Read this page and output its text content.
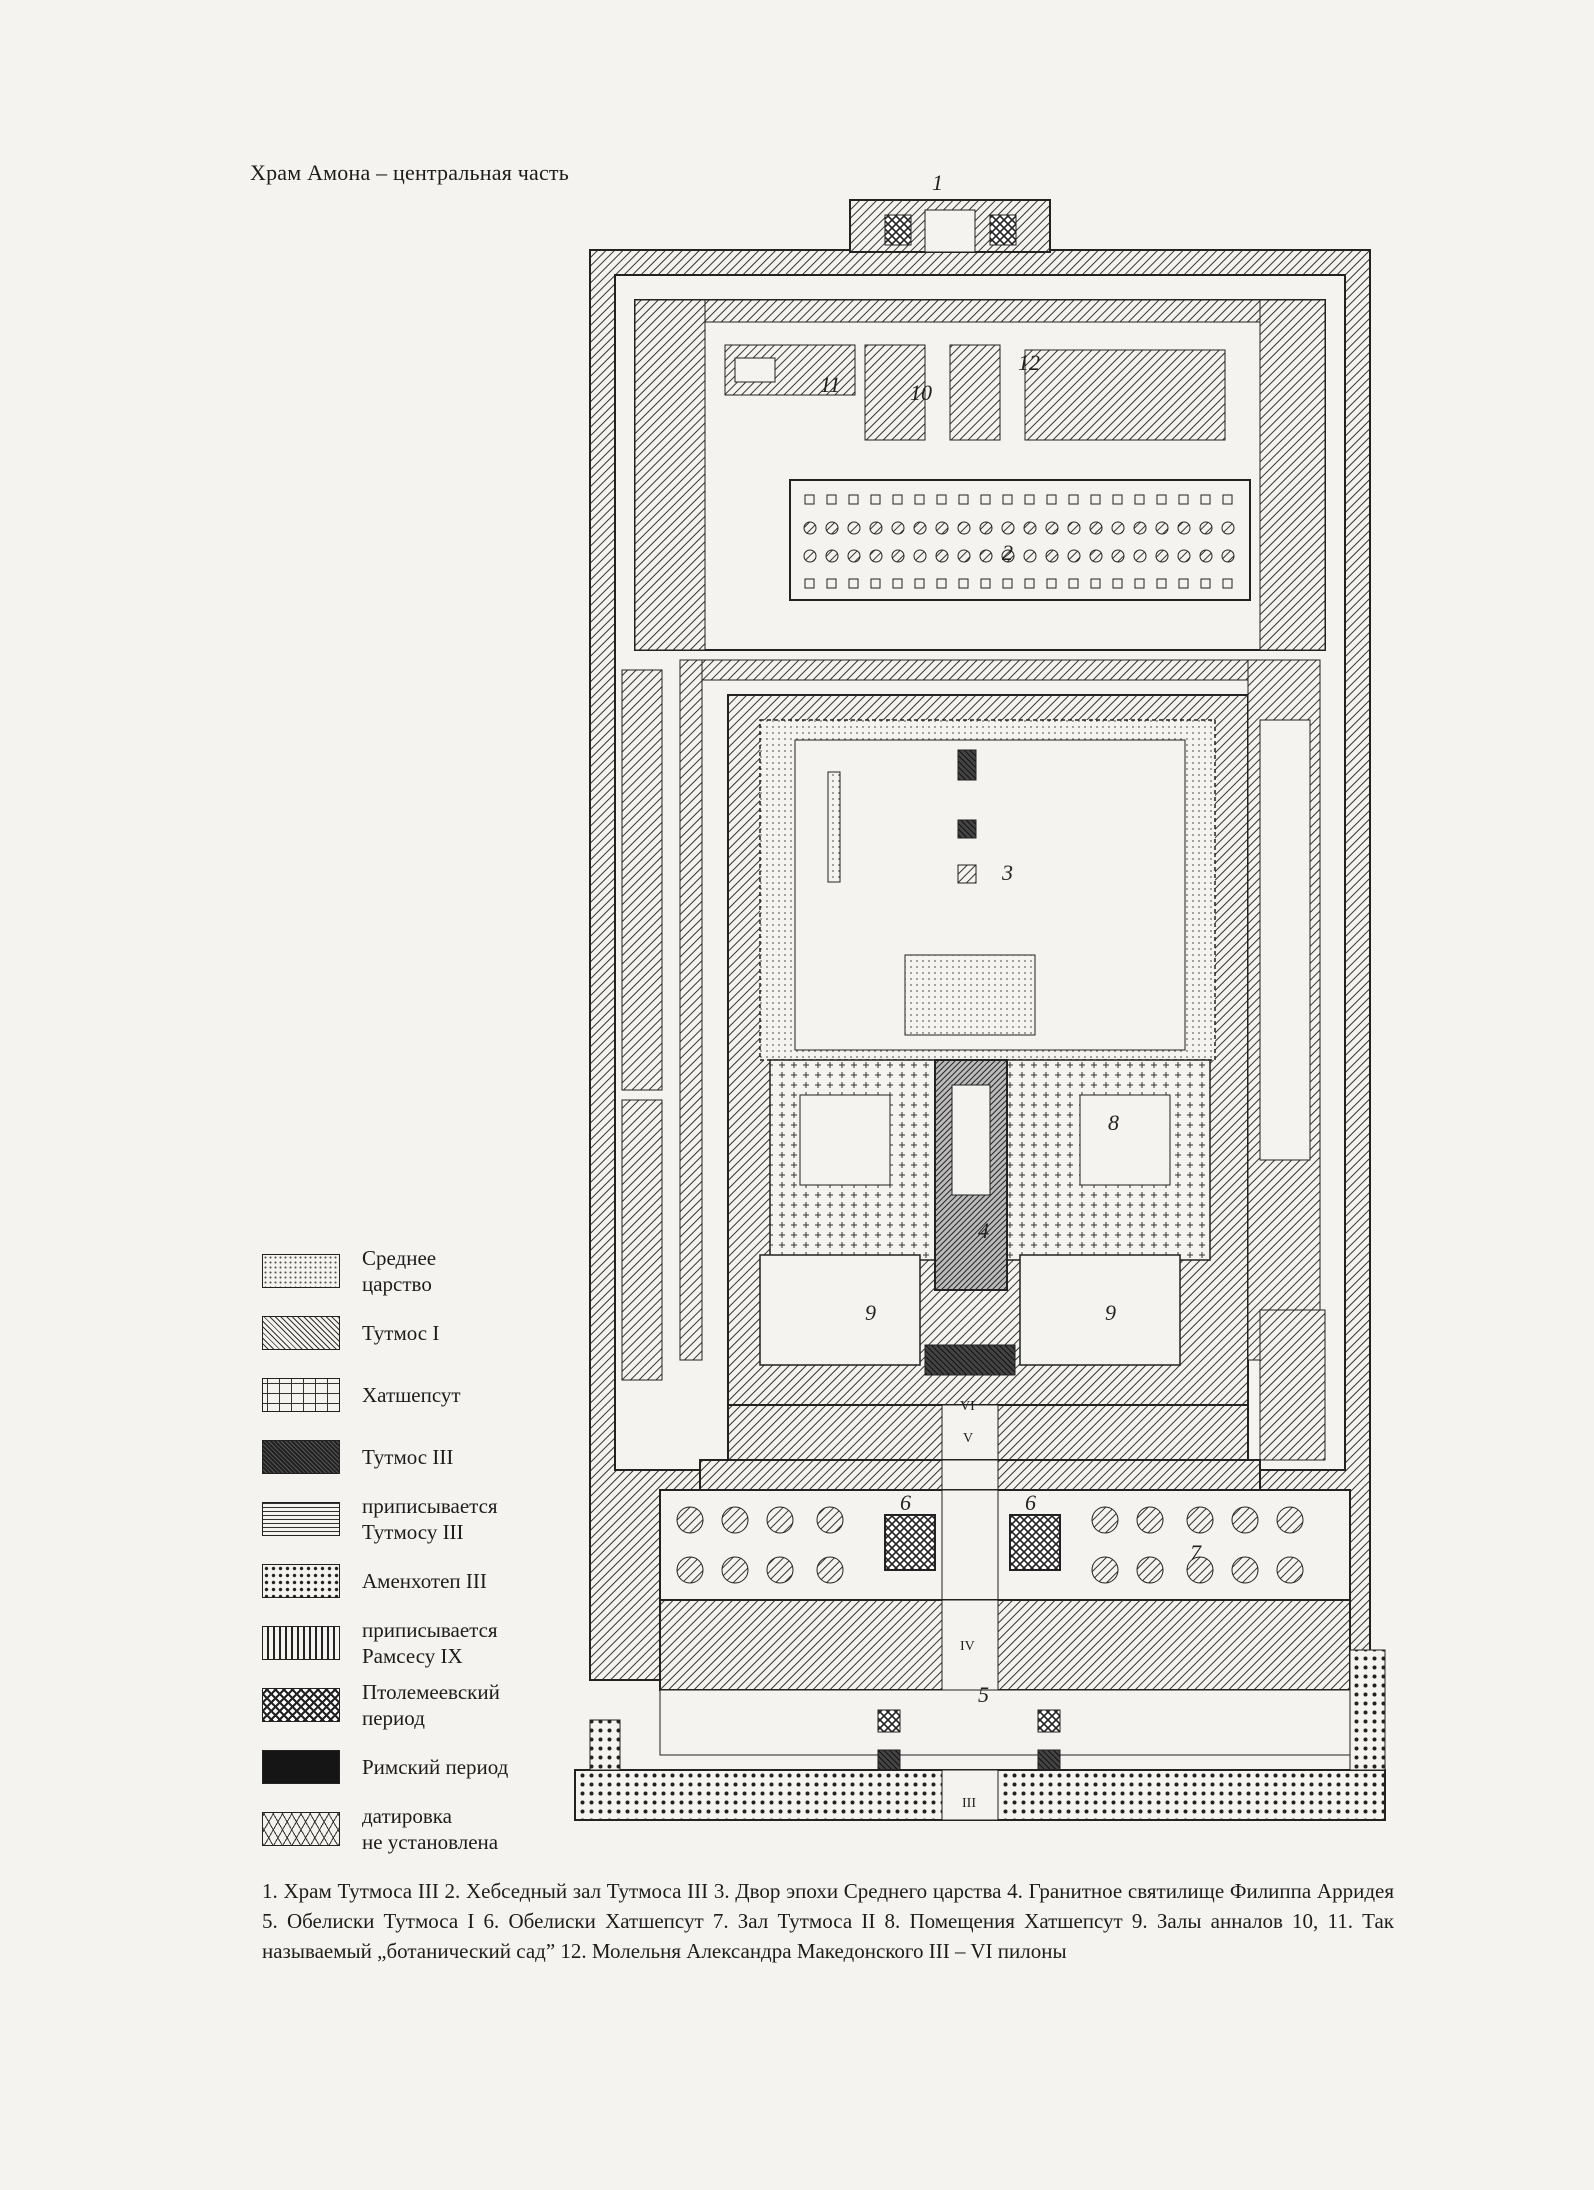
Храм Амона – центральная часть	1
2
3
4
5
6	6
7
8
9	9
10
11
12
III
IV
V
VI
Среднее
царство
Тутмос I
Хатшепсут
Тутмос III
приписывается
Тутмосу III
Аменхотеп III
приписывается
Рамсесу IX
Птолемеевский
период
Римский период
датировка
не установлена
1. Храм Тутмоса III 2. Хебседный зал Тутмоса III 3. Двор эпохи Среднего царства 4. Гранитное святилище Филиппа Арридея 5. Обелиски Тутмоса I 6. Обелиски Хатшепсут 7. Зал Тутмоса II 8. Помещения Хатшепсут 9. Залы анналов 10, 11. Так называемый „ботанический сад” 12. Молельня Александра Македонского III – VI пилоны
